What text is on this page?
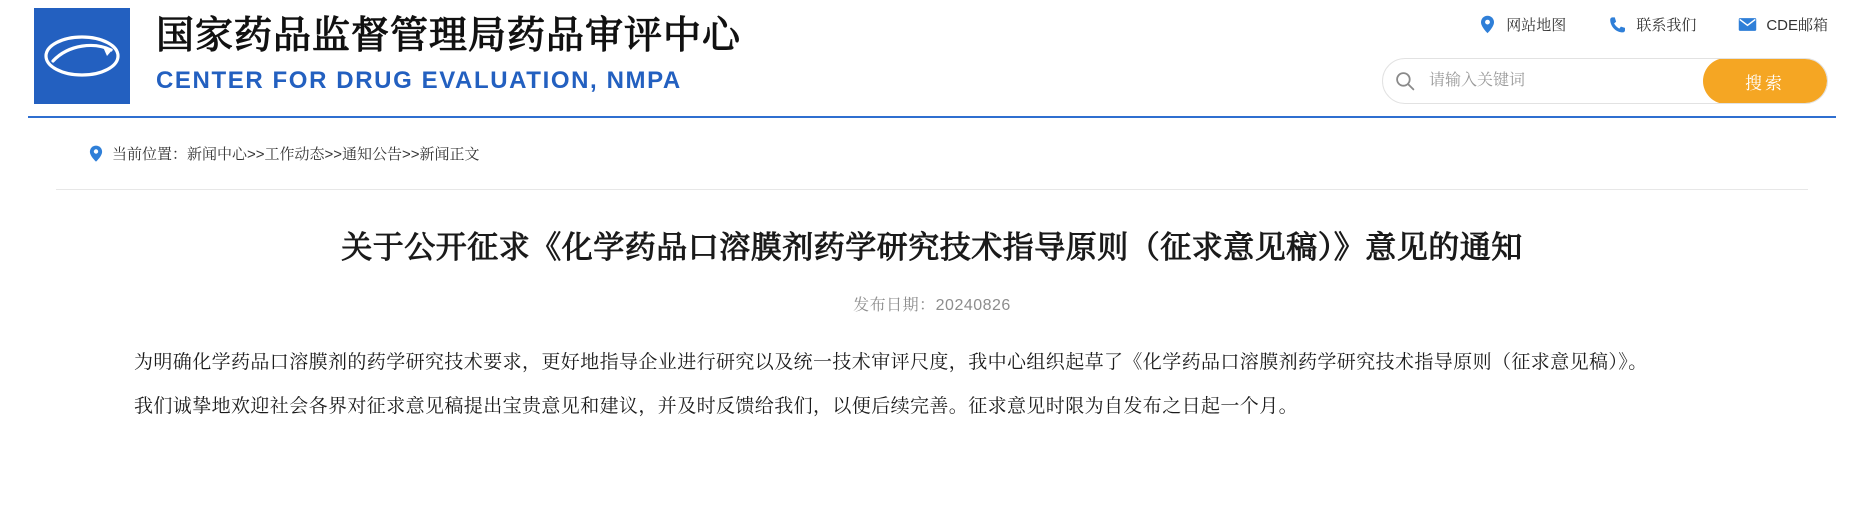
国家药品监督管理局药品审评中心
CENTER FOR DRUG EVALUATION, NMPA
网站地图	联系我们	CDE邮箱
请输入关键词
搜索
当前位置：新闻中心>>工作动态>>通知公告>>新闻正文
关于公开征求《化学药品口溶膜剂药学研究技术指导原则（征求意见稿）》意见的通知
发布日期：20240826

为明确化学药品口溶膜剂的药学研究技术要求，更好地指导企业进行研究以及统一技术审评尺度，我中心组织起草了《化学药品口溶膜剂药学研究技术指导原则（征求意见稿）》。

我们诚挚地欢迎社会各界对征求意见稿提出宝贵意见和建议，并及时反馈给我们，以便后续完善。征求意见时限为自发布之日起一个月。
